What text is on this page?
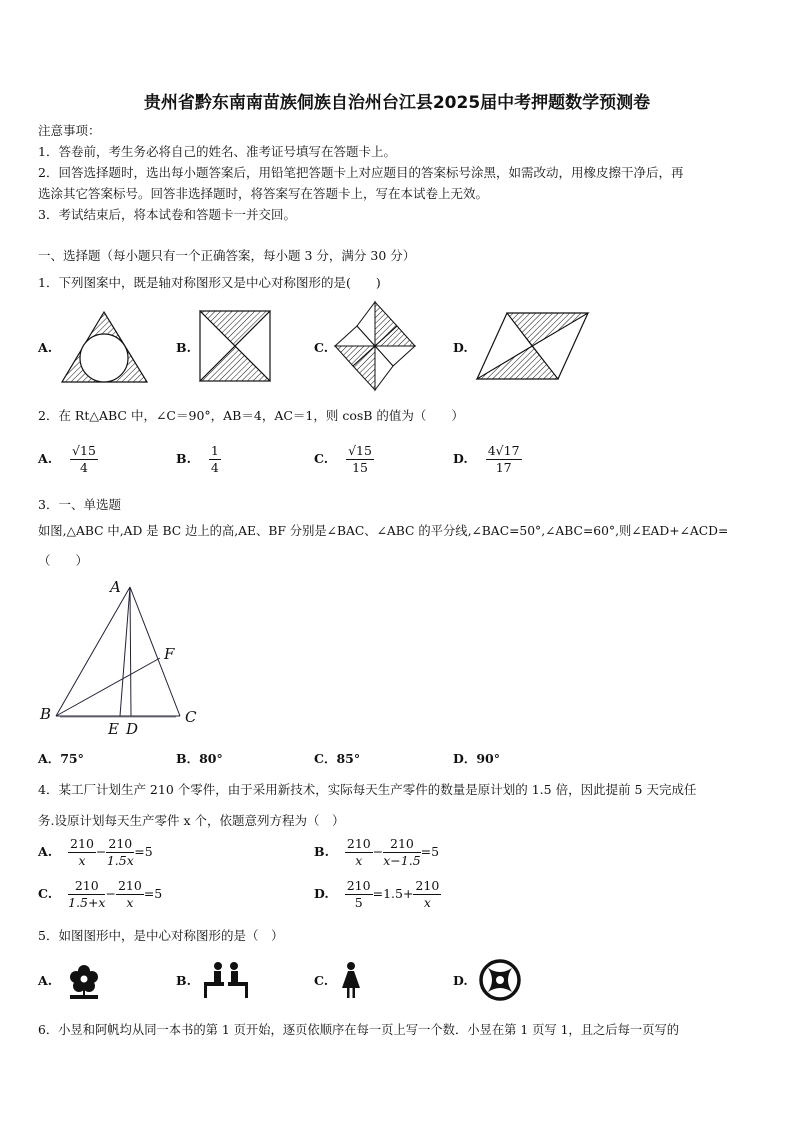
贵州省黔东南南苗族侗族自治州台江县2025届中考押题数学预测卷
注意事项：
1．答卷前，考生务必将自己的姓名、准考证号填写在答题卡上。
2．回答选择题时，选出每小题答案后，用铅笔把答题卡上对应题目的答案标号涂黑，如需改动，用橡皮擦干净后，再
选涂其它答案标号。回答非选择题时，将答案写在答题卡上，写在本试卷上无效。
3．考试结束后，将本试卷和答题卡一并交回。
一、选择题（每小题只有一个正确答案，每小题 3 分，满分 30 分）
1．下列图案中，既是轴对称图形又是中心对称图形的是(　　)
A.	B.	C.	D.
2．在 Rt△ABC 中，∠C＝90°，AB＝4，AC＝1，则 cosB 的值为（　　）
A. $\frac{√15}{4}$	B. $\frac{1}{4}$	C. $\frac{√15}{15}$	D. $\frac{4√17}{17}$
3．一、单选题
如图,△ABC 中,AD 是 BC 边上的高,AE、BF 分别是∠BAC、∠ABC 的平分线,∠BAC=50°,∠ABC=60°,则∠EAD+∠ACD=
（　　）
A
B	C
E D
F
A．75°	B．80°	C．85°	D．90°
4．某工厂计划生产 210 个零件，由于采用新技术，实际每天生产零件的数量是原计划的 1.5 倍，因此提前 5 天完成任
务.设原计划每天生产零件 x 个，依题意列方程为（　）
A. $\frac{210}{x} - \frac{210}{1.5x} =5$	B. $\frac{210}{x} - \frac{210}{x-1.5} =5$
C. $\frac{210}{1.5+x} - \frac{210}{x} =5$	D. $\frac{210}{5} =1.5+ \frac{210}{x}$
5．如图图形中，是中心对称图形的是（　）
A.	B.	C.	D.
6．小昱和阿帆均从同一本书的第 1 页开始，逐页依顺序在每一页上写一个数．小昱在第 1 页写 1，且之后每一页写的
